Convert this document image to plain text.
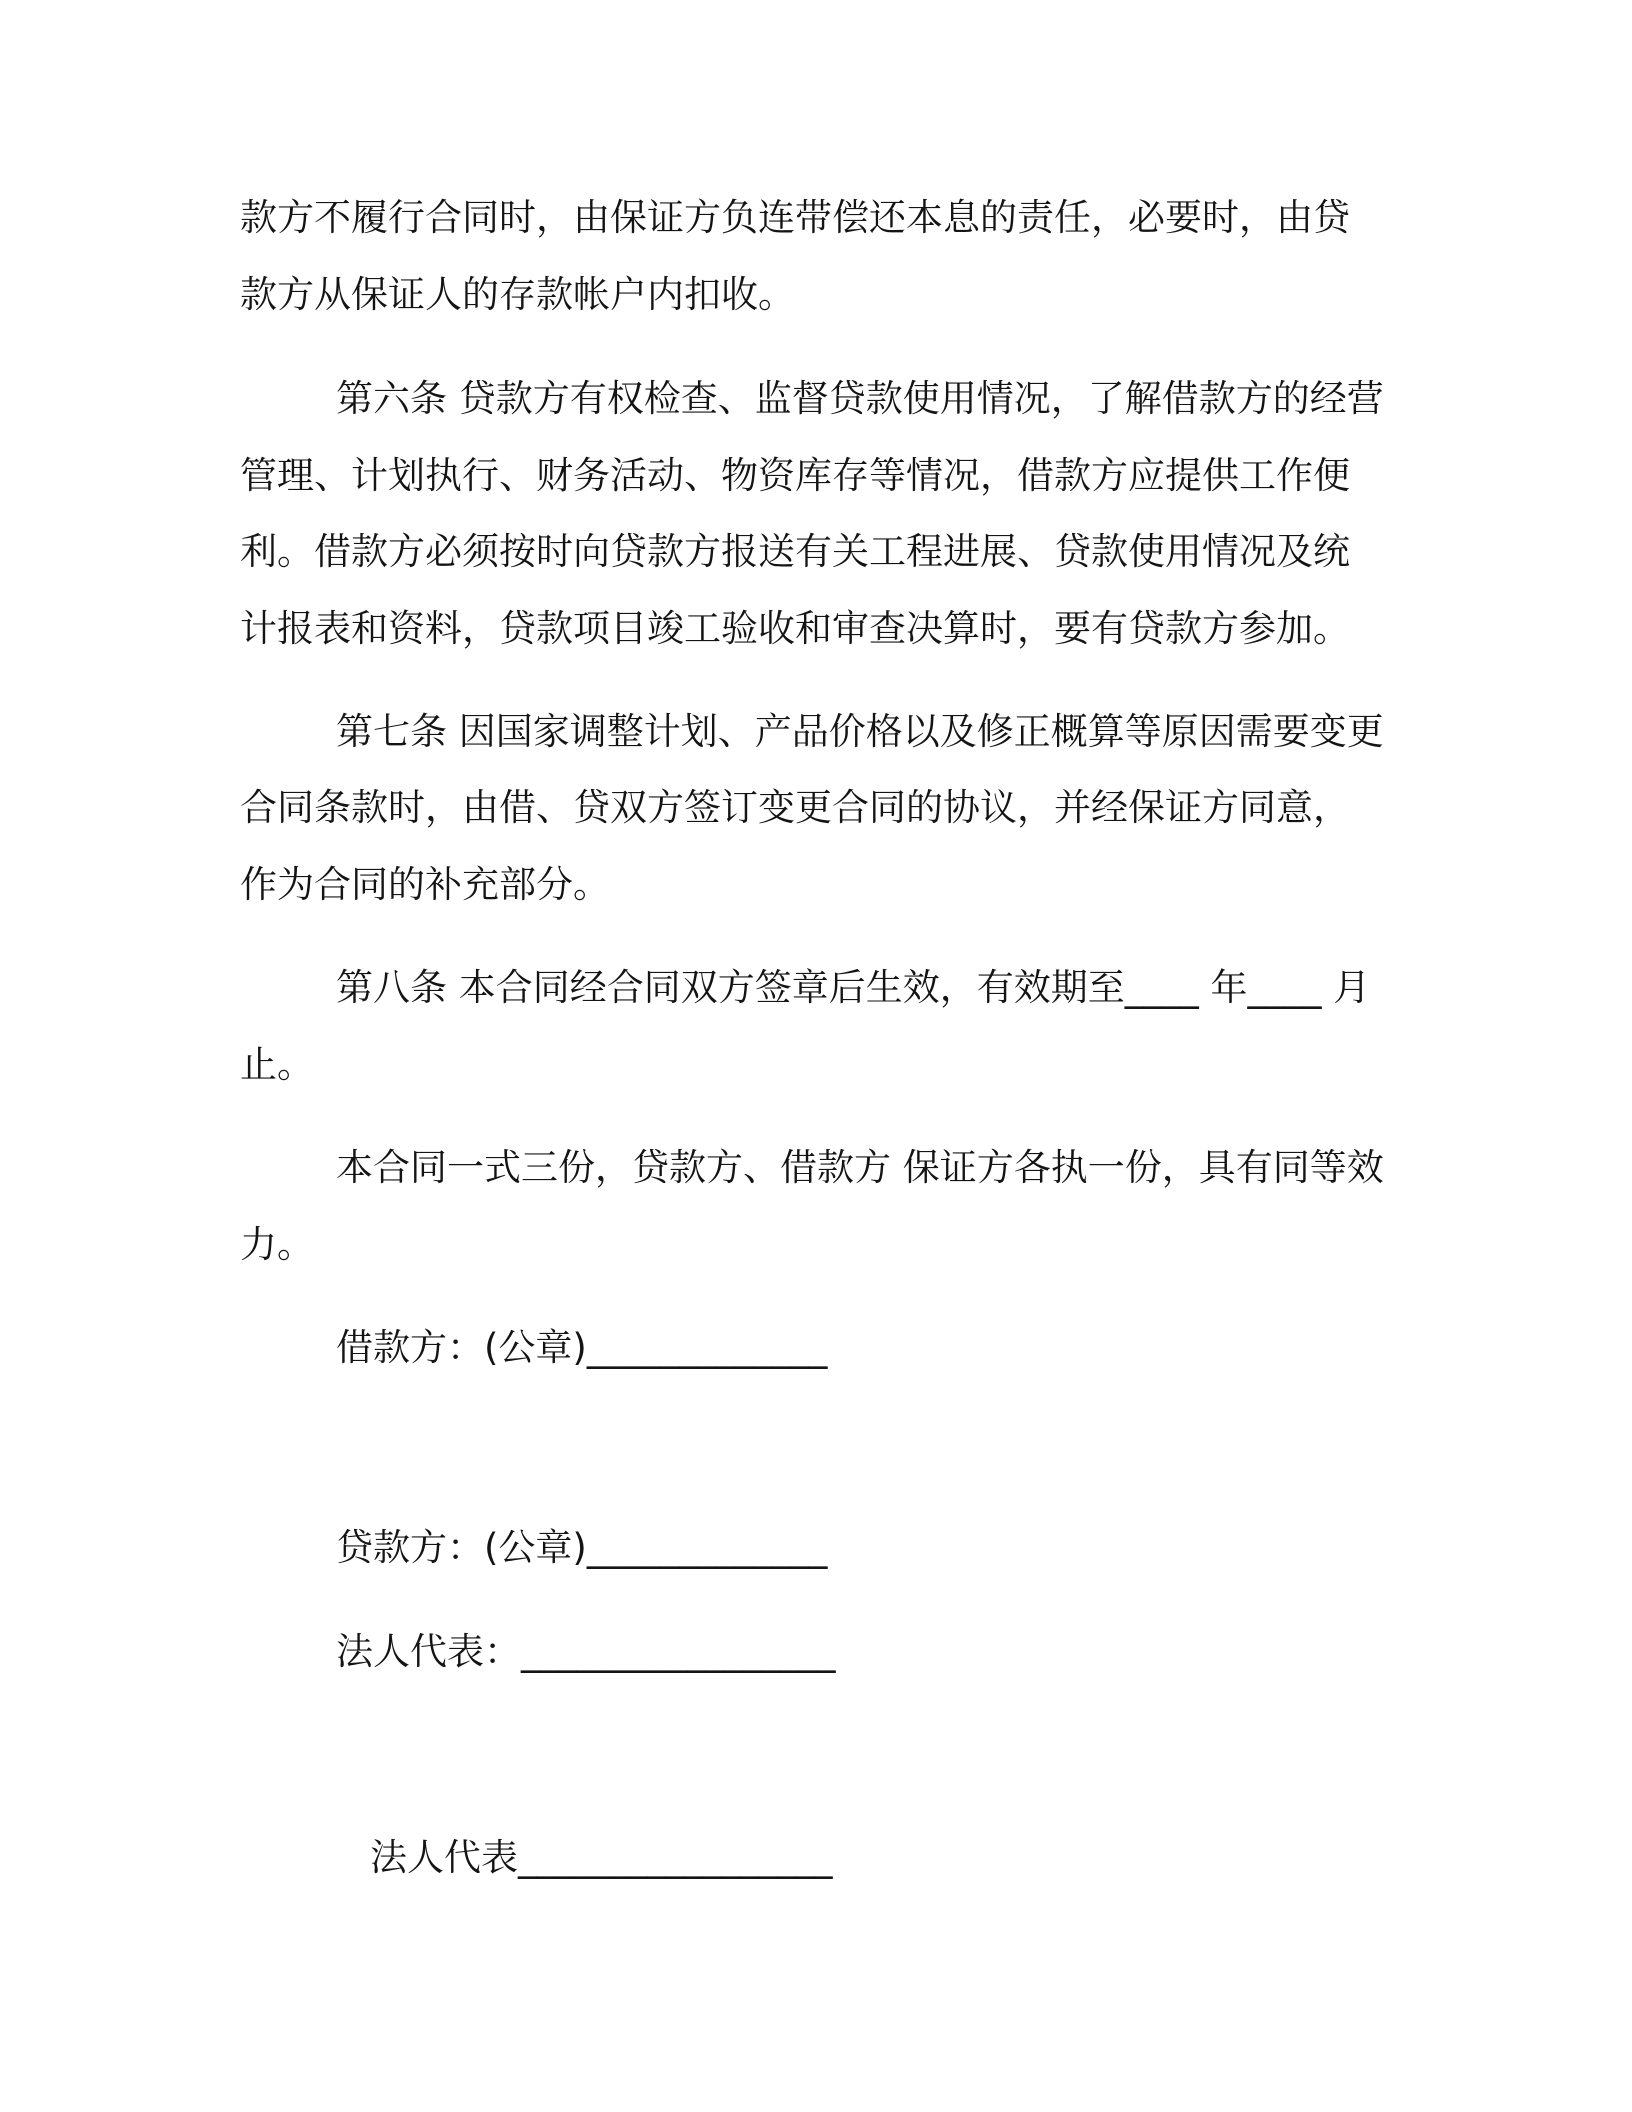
款方不履行合同时，由保证方负连带偿还本息的责任，必要时，由贷

款方从保证人的存款帐户内扣收。

第六条 贷款方有权检查、监督贷款使用情况，了解借款方的经营

管理、计划执行、财务活动、物资库存等情况，借款方应提供工作便

利。借款方必须按时向贷款方报送有关工程进展、贷款使用情况及统

计报表和资料，贷款项目竣工验收和审查决算时，要有贷款方参加。

第七条 因国家调整计划、产品价格以及修正概算等原因需要变更

合同条款时，由借、贷双方签订变更合同的协议，并经保证方同意，

作为合同的补充部分。

第八条 本合同经合同双方签章后生效，有效期至____ 年____ 月

止。

本合同一式三份，贷款方、借款方 保证方各执一份，具有同等效

力。

借款方：(公章)_____________

贷款方：(公章)_____________

法人代表：_________________

法人代表_________________
